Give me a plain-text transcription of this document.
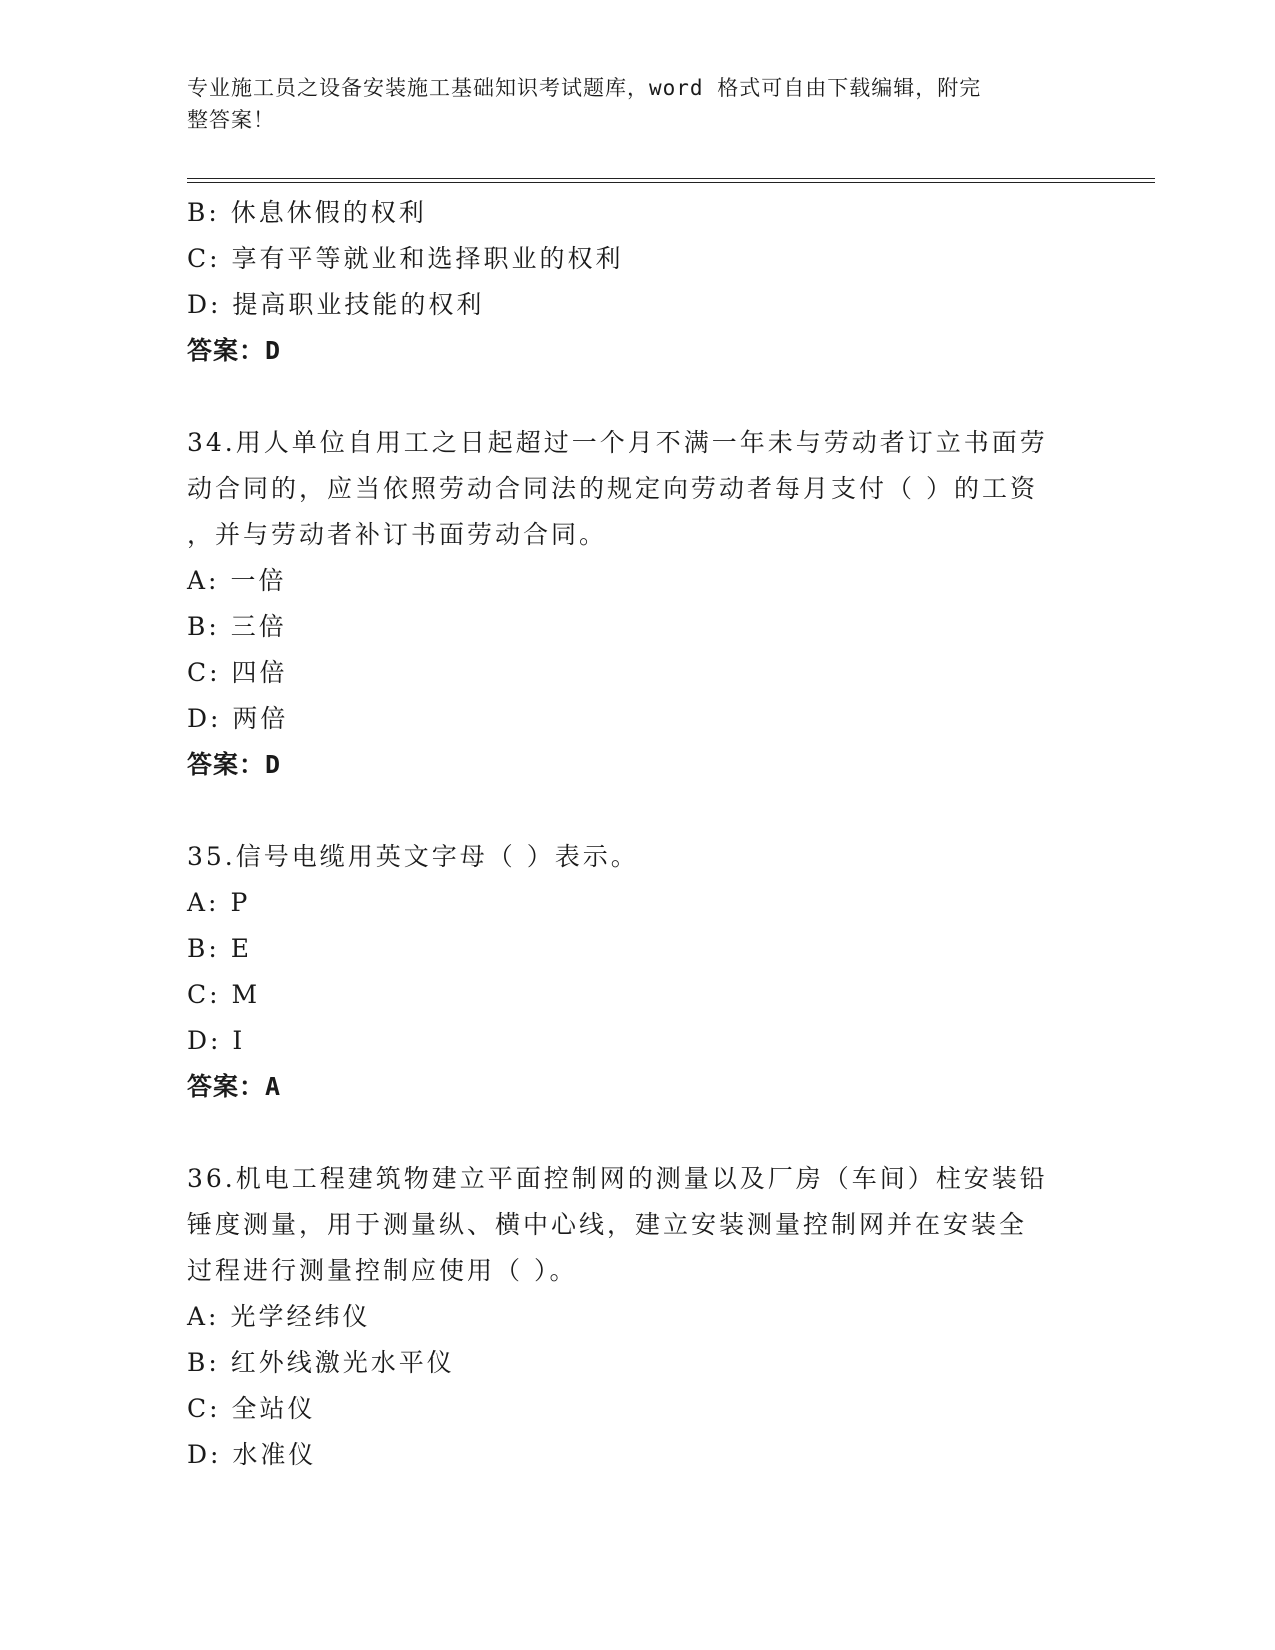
专业施工员之设备安装施工基础知识考试题库，word 格式可自由下载编辑，附完
整答案！

B: 休息休假的权利

C: 享有平等就业和选择职业的权利

D: 提高职业技能的权利

答案：D

34.用人单位自用工之日起超过一个月不满一年未与劳动者订立书面劳

动合同的，应当依照劳动合同法的规定向劳动者每月支付（ ）的工资

，并与劳动者补订书面劳动合同。

A: 一倍

B: 三倍

C: 四倍

D: 两倍

答案：D

35.信号电缆用英文字母（ ）表示。

A: P

B: E

C: M

D: I

答案：A

36.机电工程建筑物建立平面控制网的测量以及厂房（车间）柱安装铅

锤度测量，用于测量纵、横中心线，建立安装测量控制网并在安装全

过程进行测量控制应使用（ ）。

A: 光学经纬仪

B: 红外线激光水平仪

C: 全站仪

D: 水准仪
